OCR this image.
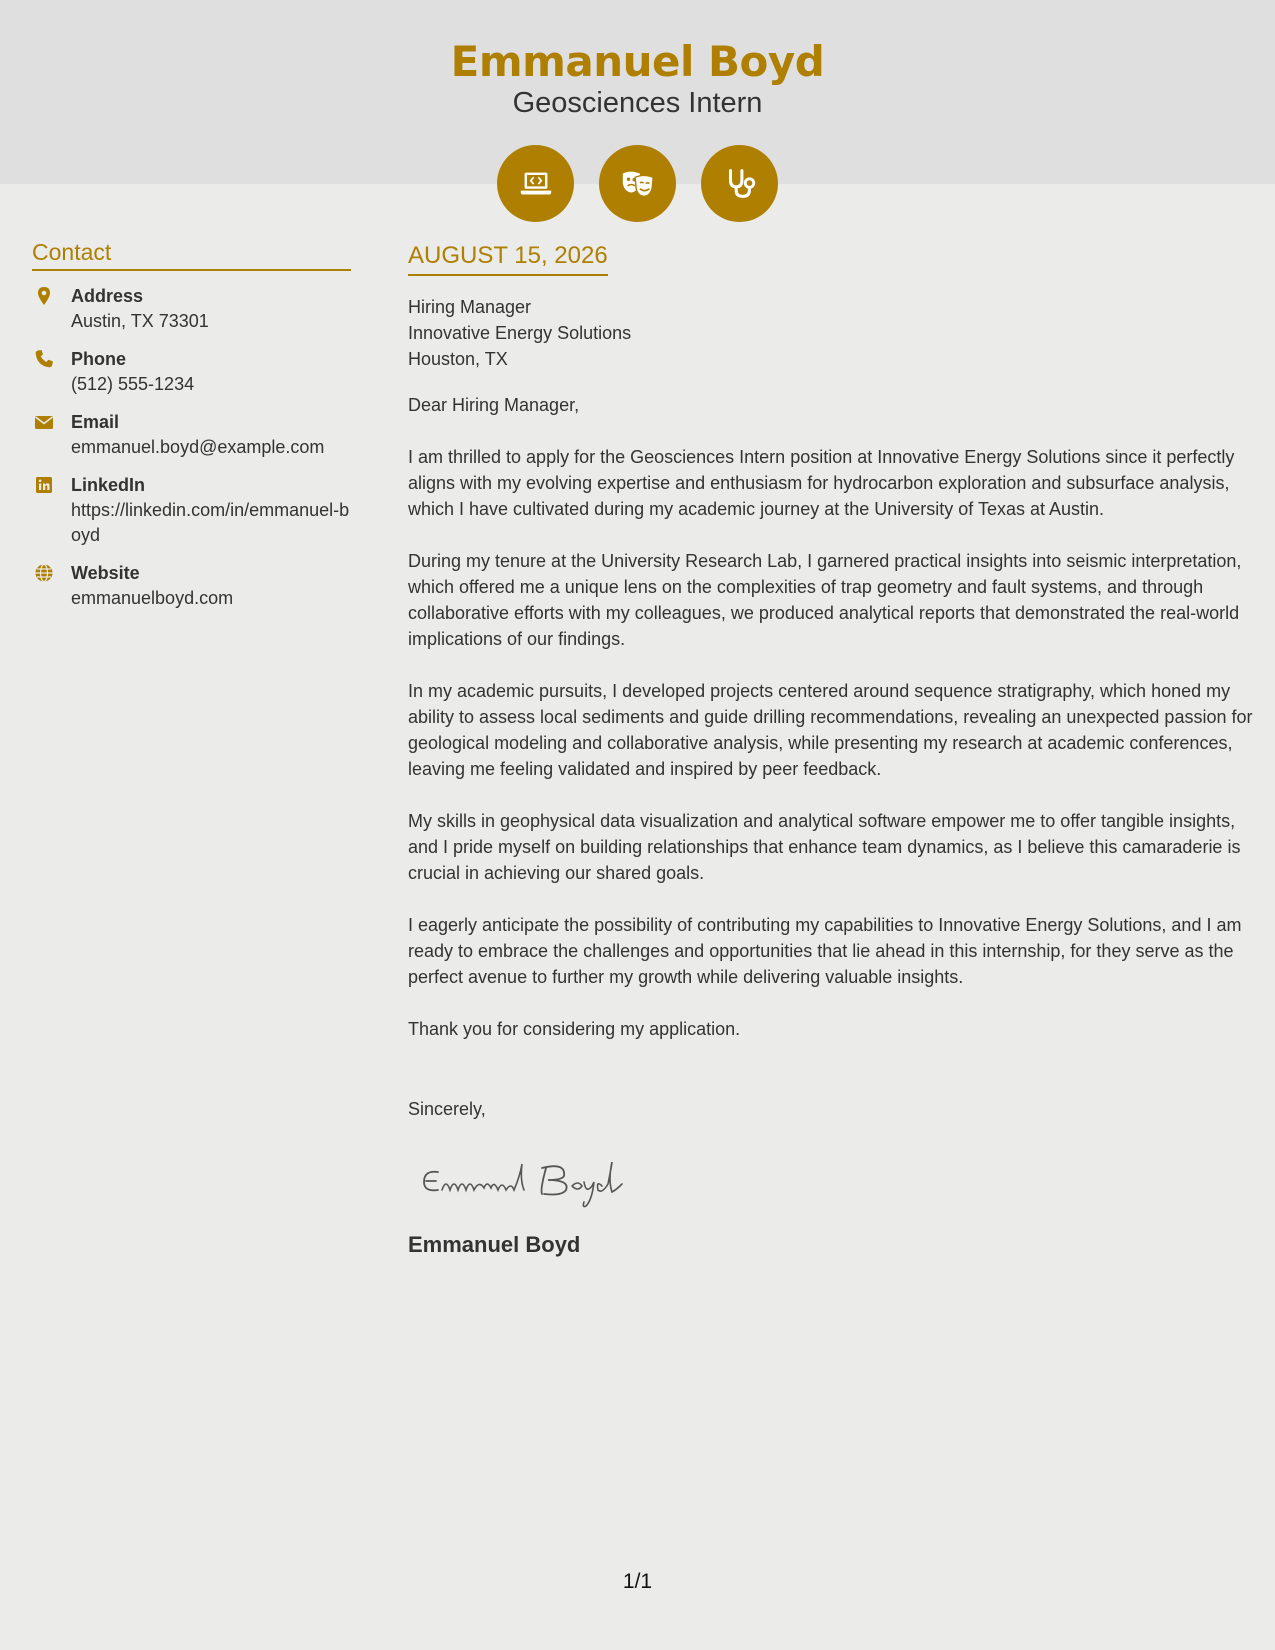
Emmanuel Boyd
Geosciences Intern
Contact
Address
Austin, TX 73301
Phone
(512) 555-1234
Email
emmanuel.boyd@example.com
LinkedIn
https://linkedin.com/in/emmanuel-boyd
Website
emmanuelboyd.com
AUGUST 15, 2026
Hiring Manager
Innovative Energy Solutions
Houston, TX
Dear Hiring Manager,
I am thrilled to apply for the Geosciences Intern position at Innovative Energy Solutions since it perfectly aligns with my evolving expertise and enthusiasm for hydrocarbon exploration and subsurface analysis, which I have cultivated during my academic journey at the University of Texas at Austin.
During my tenure at the University Research Lab, I garnered practical insights into seismic interpretation, which offered me a unique lens on the complexities of trap geometry and fault systems, and through collaborative efforts with my colleagues, we produced analytical reports that demonstrated the real-world implications of our findings.
In my academic pursuits, I developed projects centered around sequence stratigraphy, which honed my ability to assess local sediments and guide drilling recommendations, revealing an unexpected passion for geological modeling and collaborative analysis, while presenting my research at academic conferences, leaving me feeling validated and inspired by peer feedback.
My skills in geophysical data visualization and analytical software empower me to offer tangible insights, and I pride myself on building relationships that enhance team dynamics, as I believe this camaraderie is crucial in achieving our shared goals.
I eagerly anticipate the possibility of contributing my capabilities to Innovative Energy Solutions, and I am ready to embrace the challenges and opportunities that lie ahead in this internship, for they serve as the perfect avenue to further my growth while delivering valuable insights.
Thank you for considering my application.
Sincerely,
Emmanuel Boyd
1/1
